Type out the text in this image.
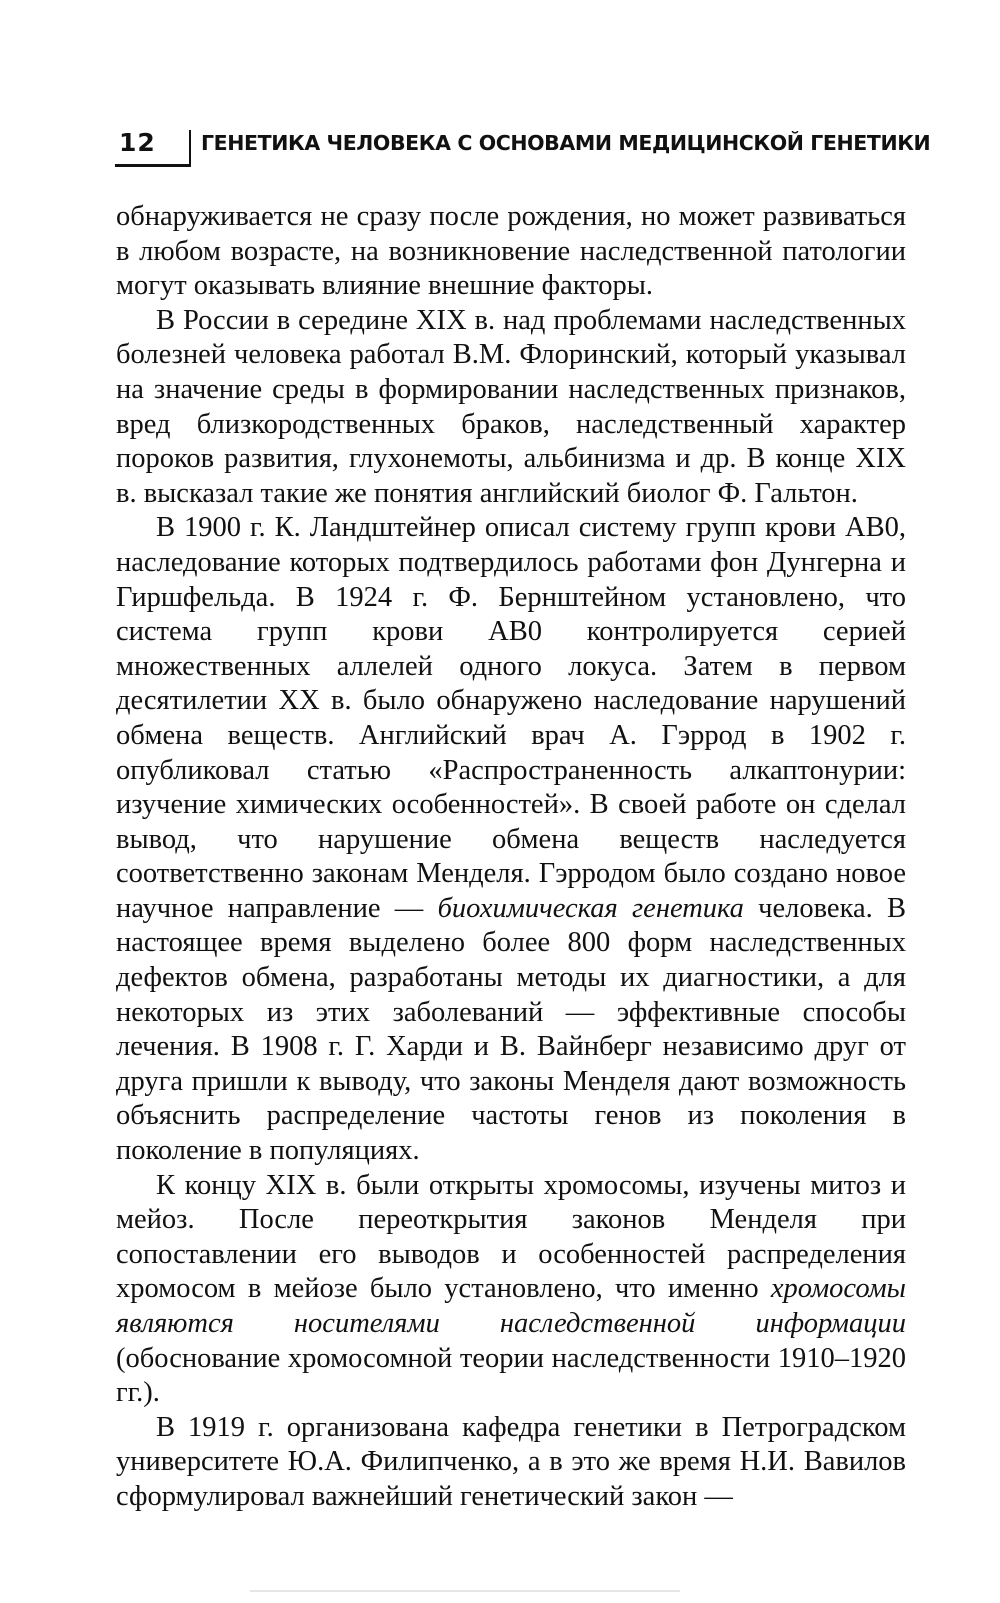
12 ГЕНЕТИКА ЧЕЛОВЕКА С ОСНОВАМИ МЕДИЦИНСКОЙ ГЕНЕТИКИ

обнаруживается не сразу после рождения, но может развиваться в любом возрасте, на возникновение наследственной патологии могут оказывать влияние внешние факторы.

В России в середине XIX в. над проблемами наследственных болезней человека работал В.М. Флоринский, который указывал на значение среды в формировании наследственных признаков, вред близкородственных браков, наследственный характер пороков развития, глухонемоты, альбинизма и др. В конце XIX в. высказал такие же понятия английский биолог Ф. Гальтон.

В 1900 г. К. Ландштейнер описал систему групп крови AB0, наследование которых подтвердилось работами фон Дунгерна и Гиршфельда. В 1924 г. Ф. Бернштейном установлено, что система групп крови AB0 контролируется серией множественных аллелей одного локуса. Затем в первом десятилетии XX в. было обнаружено наследование нарушений обмена веществ. Английский врач А. Гэррод в 1902 г. опубликовал статью «Распространенность алкаптонурии: изучение химических особенностей». В своей работе он сделал вывод, что нарушение обмена веществ наследуется соответственно законам Менделя. Гэрродом было создано новое научное направление — биохимическая генетика человека. В настоящее время выделено более 800 форм наследственных дефектов обмена, разработаны методы их диагностики, а для некоторых из этих заболеваний — эффективные способы лечения. В 1908 г. Г. Харди и В. Вайнберг независимо друг от друга пришли к выводу, что законы Менделя дают возможность объяснить распределение частоты генов из поколения в поколение в популяциях.

К концу XIX в. были открыты хромосомы, изучены митоз и мейоз. После переоткрытия законов Менделя при сопоставлении его выводов и особенностей распределения хромосом в мейозе было установлено, что именно хромосомы являются носителями наследственной информации (обоснование хромосомной теории наследственности 1910–1920 гг.).

В 1919 г. организована кафедра генетики в Петроградском университете Ю.А. Филипченко, а в это же время Н.И. Вавилов сформулировал важнейший генетический закон —
